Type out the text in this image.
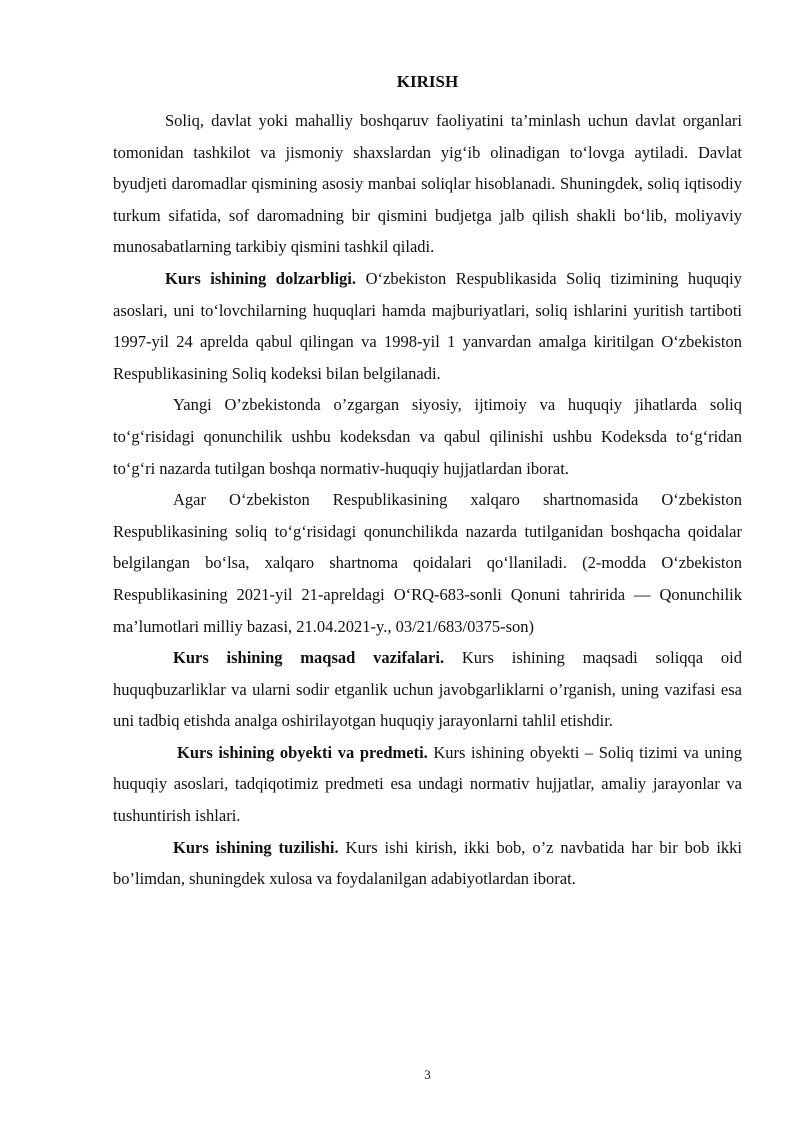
KIRISH

Soliq, davlat yoki mahalliy boshqaruv faoliyatini ta’minlash uchun davlat organlari tomonidan tashkilot va jismoniy shaxslardan yig‘ib olinadigan to‘lovga aytiladi. Davlat byudjeti daromadlar qismining asosiy manbai soliqlar hisoblanadi. Shuningdek, soliq iqtisodiy turkum sifatida, sof daromadning bir qismini budjetga jalb qilish shakli bo‘lib, moliyaviy munosabatlarning tarkibiy qismini tashkil qiladi.

Kurs ishining dolzarbligi. O‘zbekiston Respublikasida Soliq tizimining huquqiy asoslari, uni to‘lovchilarning huquqlari hamda majburiyatlari, soliq ishlarini yuritish tartiboti 1997-yil 24 aprelda qabul qilingan va 1998-yil 1 yanvardan amalga kiritilgan O‘zbekiston Respublikasining Soliq kodeksi bilan belgilanadi.

Yangi O’zbekistonda o’zgargan siyosiy, ijtimoiy va huquqiy jihatlarda soliq to‘g‘risidagi qonunchilik ushbu kodeksdan va qabul qilinishi ushbu Kodeksda to‘g‘ridan to‘g‘ri nazarda tutilgan boshqa normativ-huquqiy hujjatlardan iborat.

Agar O‘zbekiston Respublikasining xalqaro shartnomasida O‘zbekiston Respublikasining soliq to‘g‘risidagi qonunchilikda nazarda tutilganidan boshqacha qoidalar belgilangan bo‘lsa, xalqaro shartnoma qoidalari qo‘llaniladi. (2-modda O‘zbekiston Respublikasining 2021-yil 21-apreldagi O‘RQ-683-sonli Qonuni tahririda — Qonunchilik ma’lumotlari milliy bazasi, 21.04.2021-y., 03/21/683/0375-son)

Kurs ishining maqsad vazifalari. Kurs ishining maqsadi soliqqa oid huquqbuzarliklar va ularni sodir etganlik uchun javobgarliklarni o’rganish, uning vazifasi esa uni tadbiq etishda analga oshirilayotgan huquqiy jarayonlarni tahlil etishdir.

Kurs ishining obyekti va predmeti. Kurs ishining obyekti – Soliq tizimi va uning huquqiy asoslari, tadqiqotimiz predmeti esa undagi normativ hujjatlar, amaliy jarayonlar va tushuntirish ishlari.

Kurs ishining tuzilishi. Kurs ishi kirish, ikki bob, o’z navbatida har bir bob ikki bo’limdan, shuningdek xulosa va foydalanilgan adabiyotlardan iborat.

3
